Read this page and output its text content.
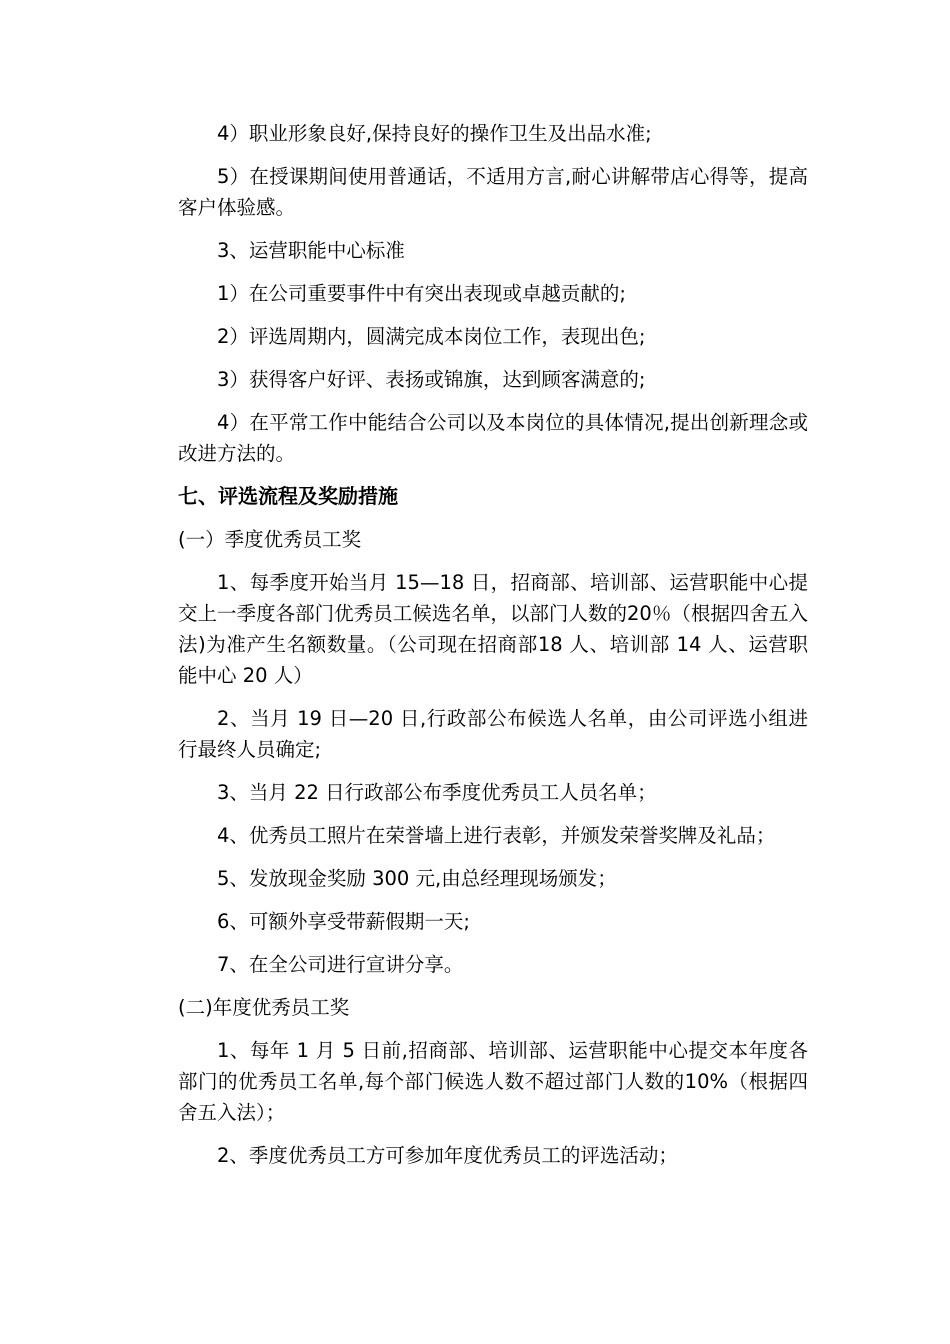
4）职业形象良好,保持良好的操作卫生及出品水准;

5）在授课期间使用普通话，不适用方言,耐心讲解带店心得等，提高客户体验感。

3、运营职能中心标准

1）在公司重要事件中有突出表现或卓越贡献的;

2）评选周期内，圆满完成本岗位工作，表现出色;

3）获得客户好评、表扬或锦旗，达到顾客满意的;

4）在平常工作中能结合公司以及本岗位的具体情况,提出创新理念或改进方法的。

七、评选流程及奖励措施

(一）季度优秀员工奖

1、每季度开始当月 15—18 日，招商部、培训部、运营职能中心提交上一季度各部门优秀员工候选名单，以部门人数的20％（根据四舍五入法)为准产生名额数量。（公司现在招商部18 人、培训部 14 人、运营职能中心 20 人）

2、当月 19 日—20 日,行政部公布候选人名单，由公司评选小组进行最终人员确定;

3、当月 22 日行政部公布季度优秀员工人员名单；

4、优秀员工照片在荣誉墙上进行表彰，并颁发荣誉奖牌及礼品；

5、发放现金奖励 300 元,由总经理现场颁发；

6、可额外享受带薪假期一天;

7、在全公司进行宣讲分享。

(二)年度优秀员工奖

1、每年 1 月 5 日前,招商部、培训部、运营职能中心提交本年度各部门的优秀员工名单,每个部门候选人数不超过部门人数的10%（根据四舍五入法）；

2、季度优秀员工方可参加年度优秀员工的评选活动；
